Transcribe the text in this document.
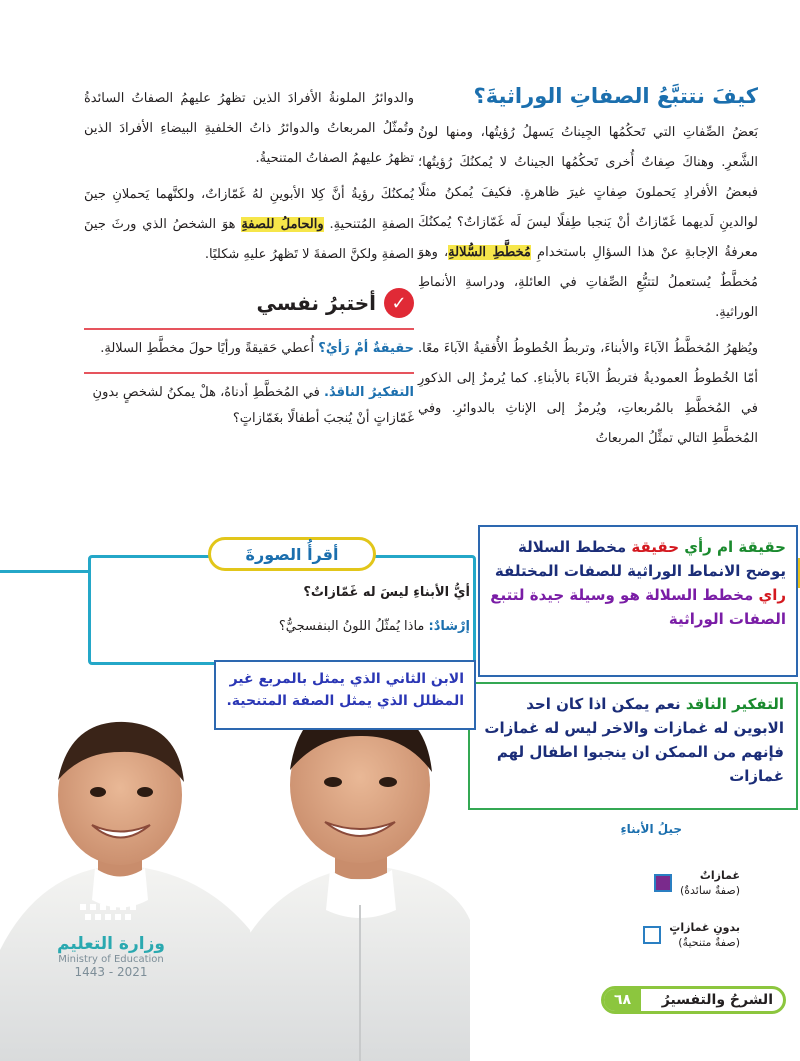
كيفَ نتتبَّعُ الصفاتِ الوراثيةَ؟

بَعضُ الصِّفاتِ التي تَحكُمُها الجِيناتُ يَسهلُ رُؤيتُها، ومنها لونُ الشَّعرِ. وهناكَ صِفاتٌ أُخرى تَحكُمُها الجيناتُ لا يُمكنُكَ رُؤيتُها؛ فبعضُ الأفرادِ يَحملونَ صِفاتٍ غيرَ ظاهرةٍ. فكيفَ يُمكنُ مثلًا لوالدينِ لَديهما غَمّازاتٌ أنْ يَنجبا طِفلًا ليسَ لَه غَمّازاتٌ؟ يُمكنُكَ معرفةُ الإجابةِ عنْ هذا السؤالِ باستخدامِ مُخطَّطِ السُّلالةِ، وهوَ مُخطَّطٌ يُستعملُ لتتبُّعِ الصِّفاتِ في العائلةِ، ودراسةِ الأنماطِ الوراثيةِ.

ويُظهرُ المُخطَّطُ الآباءَ والأبناءَ، وتربطُ الخُطوطُ الأُفقيةُ الآباءَ معًا. أمّا الخُطوطُ العموديةُ فتربطُ الآباءَ بالأبناءِ. كما يُرمزُ إلى الذكورِ في المُخطَّطِ بالمُربعاتِ، ويُرمزُ إلى الإناثِ بالدوائرِ. وفي المُخطَّطِ التالي تمثِّلُ المربعاتُ

والدوائرُ الملونةُ الأفرادَ الذين تظهرُ عليهمُ الصفاتُ السائدةُ وتُمثّلُ المربعاتُ والدوائرُ ذاتُ الخلفيةِ البيضاءِ الأفرادَ الذين تظهرُ عليهمُ الصفاتُ المتنحيةُ.

يُمكنُكَ رؤيةُ أنَّ كِلا الأبوينِ لهُ غَمّازاتٌ، ولكنَّهما يَحملانِ جينَ الصفةِ المُتنحيةِ. والحاملُ للصفةِ هوَ الشخصُ الذي ورثَ جينَ الصفةِ ولكنَّ الصفةَ لا تَظهرُ عليهِ شكليًا.

✓
أختبرُ نفسي
حقيقةٌ أمْ رَأيٌ؟ أُعطي حَقيقةً ورأيًا حولَ مخطَّطِ السلالةِ.
التفكيرُ الناقدُ. في المُخطَّطِ أدناهُ، هلْ يمكنُ لشخصٍ بدونِ غَمّازاتٍ أنْ يُنجبَ أطفالًا بغَمّازاتٍ؟
أقرأُ الصورةَ
أيُّ الأبناءِ ليسَ له غَمّازاتٌ؟
إرْشادٌ: ماذا يُمثّلُ اللونُ البنفسجيُّ؟
وزارة التعليم
Ministry of Education
2021 - 1443
حقيقة ام رأي حقيقة مخطط السلالة يوضح الانماط الوراثية للصفات المختلفة
راي مخطط السلالة هو وسيلة جيدة لتتبع الصفات الوراثية
التفكير الناقد نعم يمكن اذا كان احد الابوين له غمازات والاخر ليس له غمازات فإنهم من الممكن ان ينجبوا اطفال لهم غمازات
الابن الثاني الذي يمثل بالمربع غير المظلل الذي يمثل الصفة المتنحية.
جيلُ الأبناءِ
غمازاتٌ
(صفةٌ سائدةٌ)
بدونِ غمازاتٍ
(صفةٌ متنحيةٌ)
الشرحُ والتفسيرُ
٦٨
